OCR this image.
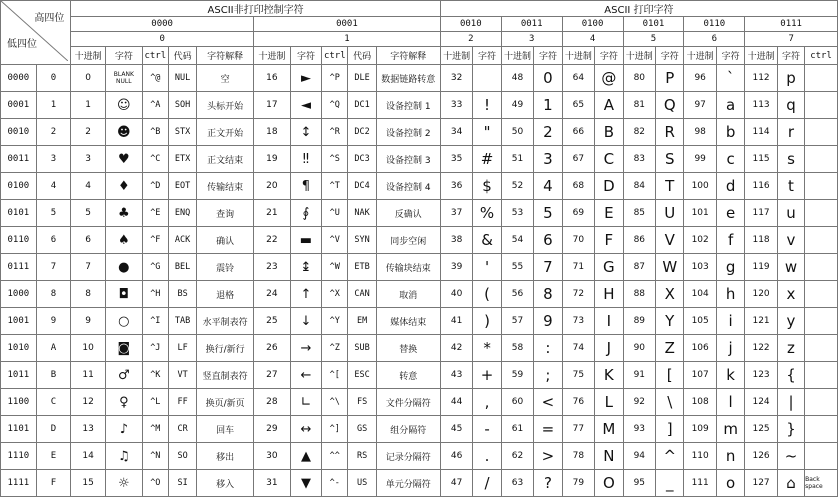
高四位
低四位		ASCII非打印控制字符										ASCII 打印字符												
		0000					0001					0010		0011		0100		0101		0110		0111		
		0					1					2		3		4		5		6		7		
		十进制	字符	ctrl	代码	字符解释	十进制	字符	ctrl	代码	字符解释	十进制	字符	十进制	字符	十进制	字符	十进制	字符	十进制	字符	十进制	字符	ctrl
0000	0	0	BLANK NULL	^@	NUL	空	16	►	^P	DLE	数据链路转意	32		48	0	64	@	80	P	96	`	112	p	
0001	1	1	☺	^A	SOH	头标开始	17	◄	^Q	DC1	设备控制 1	33	!	49	1	65	A	81	Q	97	a	113	q	
0010	2	2	☻	^B	STX	正文开始	18	↕	^R	DC2	设备控制 2	34	"	50	2	66	B	82	R	98	b	114	r	
0011	3	3	♥	^C	ETX	正文结束	19	‼	^S	DC3	设备控制 3	35	#	51	3	67	C	83	S	99	c	115	s	
0100	4	4	♦	^D	EOT	传输结束	20	¶	^T	DC4	设备控制 4	36	$	52	4	68	D	84	T	100	d	116	t	
0101	5	5	♣	^E	ENQ	查询	21	∮	^U	NAK	反确认	37	%	53	5	69	E	85	U	101	e	117	u	
0110	6	6	♠	^F	ACK	确认	22	▬	^V	SYN	同步空闲	38	&	54	6	70	F	86	V	102	f	118	v	
0111	7	7	●	^G	BEL	震铃	23	↨	^W	ETB	传输块结束	39	'	55	7	71	G	87	W	103	g	119	w	
1000	8	8	◘	^H	BS	退格	24	↑	^X	CAN	取消	40	(	56	8	72	H	88	X	104	h	120	x	
1001	9	9	○	^I	TAB	水平制表符	25	↓	^Y	EM	媒体结束	41	)	57	9	73	I	89	Y	105	i	121	y	
1010	A	10	◙	^J	LF	换行/新行	26	→	^Z	SUB	替换	42	*	58	:	74	J	90	Z	106	j	122	z	
1011	B	11	♂	^K	VT	竖直制表符	27	←	^[	ESC	转意	43	+	59	;	75	K	91	[	107	k	123	{	
1100	C	12	♀	^L	FF	换页/新页	28	∟	^\	FS	文件分隔符	44	,	60	<	76	L	92	\	108	l	124	|	
1101	D	13	♪	^M	CR	回车	29	↔	^]	GS	组分隔符	45	-	61	=	77	M	93	]	109	m	125	}	
1110	E	14	♫	^N	SO	移出	30	▲	^^	RS	记录分隔符	46	.	62	>	78	N	94	^	110	n	126	~	
1111	F	15	☼	^O	SI	移入	31	▼	^-	US	单元分隔符	47	/	63	?	79	O	95	_	111	o	127	⌂	Back space
